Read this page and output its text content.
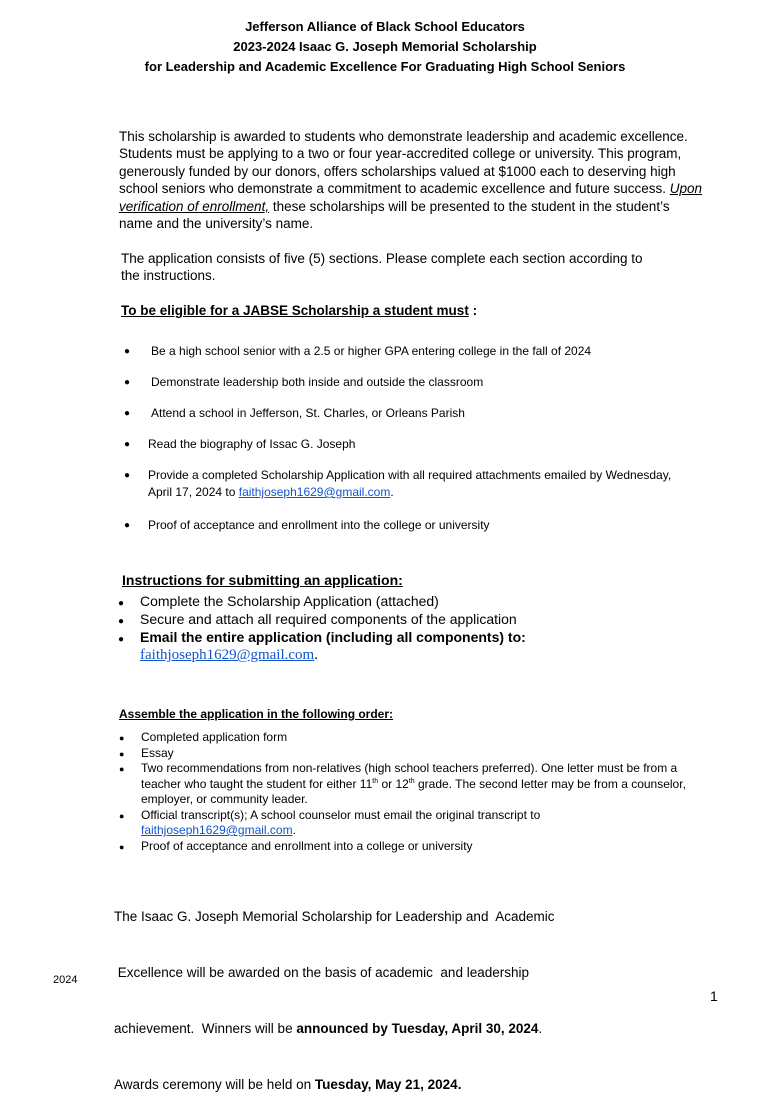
Jefferson Alliance of Black School Educators
2023-2024 Isaac G. Joseph Memorial Scholarship
for Leadership and Academic Excellence For Graduating High School Seniors
This scholarship is awarded to students who demonstrate leadership and academic excellence.
Students must be applying to a two or four year-accredited college or university. This program,
generously funded by our donors, offers scholarships valued at $1000 each to deserving high
school seniors who demonstrate a commitment to academic excellence and future success. Upon
verification of enrollment, these scholarships will be presented to the student in the student’s
name and the university’s name.
The application consists of five (5) sections. Please complete each section according to
the instructions.
To be eligible for a JABSE Scholarship a student must :
● Be a high school senior with a 2.5 or higher GPA entering college in the fall of 2024
● Demonstrate leadership both inside and outside the classroom
● Attend a school in Jefferson, St. Charles, or Orleans Parish
● Read the biography of Issac G. Joseph
● Provide a completed Scholarship Application with all required attachments emailed by Wednesday,
April 17, 2024 to faithjoseph1629@gmail.com.
● Proof of acceptance and enrollment into the college or university
Instructions for submitting an application:
● Complete the Scholarship Application (attached)
● Secure and attach all required components of the application
● Email the entire application (including all components) to:
faithjoseph1629@gmail.com.
Assemble the application in the following order:
● Completed application form
● Essay
● Two recommendations from non-relatives (high school teachers preferred). One letter must be from a
teacher who taught the student for either 11th or 12th grade. The second letter may be from a counselor,
employer, or community leader.
● Official transcript(s); A school counselor must email the original transcript to
faithjoseph1629@gmail.com.
● Proof of acceptance and enrollment into a college or university

The Isaac G. Joseph Memorial Scholarship for Leadership and  Academic

Excellence will be awarded on the basis of academic  and leadership

achievement.  Winners will be announced by Tuesday, April 30, 2024.

Awards ceremony will be held on Tuesday, May 21, 2024.

2024
1
